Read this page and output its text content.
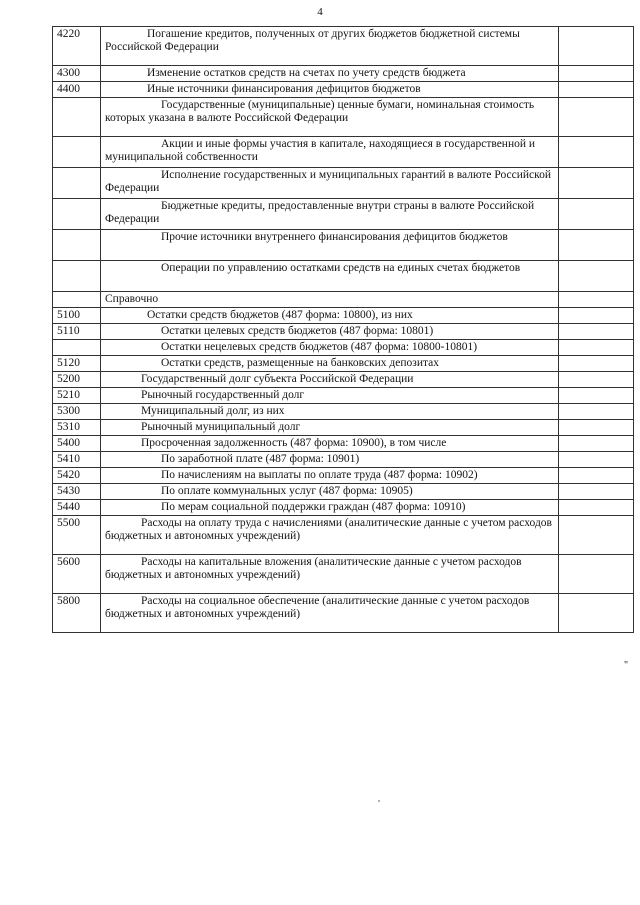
4
4220	Погашение кредитов, полученных от других бюджетов бюджетной системы Российской Федерации	
4300	Изменение остатков средств на счетах по учету средств бюджета	
4400	Иные источники финансирования дефицитов бюджетов	
	Государственные (муниципальные) ценные бумаги, номинальная стоимость которых указана в валюте Российской Федерации	
	Акции и иные формы участия в капитале, находящиеся в государственной и муниципальной собственности	
	Исполнение государственных и муниципальных гарантий в валюте Российской Федерации	
	Бюджетные кредиты, предоставленные внутри страны в валюте Российской Федерации	
	Прочие источники внутреннего финансирования дефицитов бюджетов	
	Операции по управлению остатками средств на единых счетах бюджетов	
	Справочно	
5100	Остатки средств бюджетов (487 форма: 10800), из них	
5110	Остатки целевых средств бюджетов (487 форма: 10801)	
	Остатки нецелевых средств бюджетов (487 форма: 10800-10801)	
5120	Остатки средств, размещенные на банковских депозитах	
5200	Государственный долг субъекта Российской Федерации	
5210	Рыночный государственный долг	
5300	Муниципальный долг, из них	
5310	Рыночный муниципальный долг	
5400	Просроченная задолженность (487 форма: 10900), в том числе	
5410	По заработной плате (487 форма: 10901)	
5420	По начислениям на выплаты по оплате труда (487 форма: 10902)	
5430	По оплате коммунальных услуг (487 форма: 10905)	
5440	По мерам социальной поддержки граждан (487 форма: 10910)	
5500	Расходы на оплату труда с начислениями (аналитические данные с учетом расходов бюджетных и автономных учреждений)	
5600	Расходы на капитальные вложения (аналитические данные с учетом расходов бюджетных и автономных учреждений)	
5800	Расходы на социальное обеспечение (аналитические данные с учетом расходов бюджетных и автономных учреждений)	
"
